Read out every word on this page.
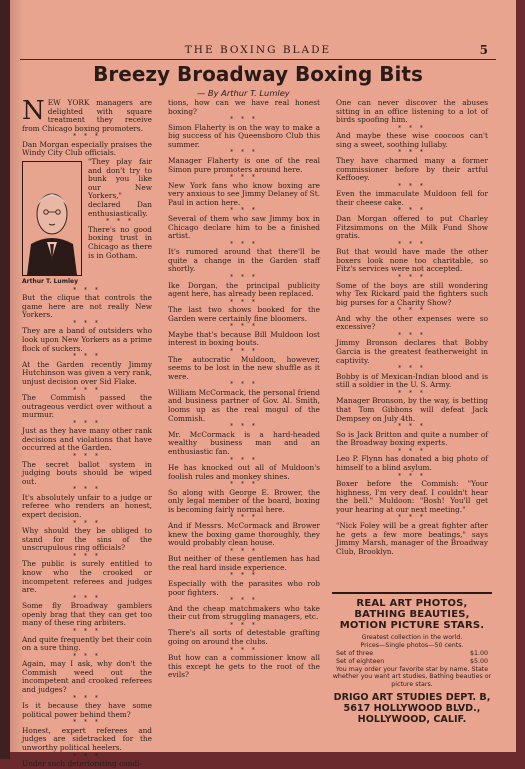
THE BOXING BLADE	5
Breezy Broadway Boxing Bits
— By Arthur T. Lumley

NEW YORK managers are delighted with square treatment they receive from Chicago boxing promoters.

* * *

Dan Morgan especially praises the Windy City Club officials.

"They play fair and don't try to bunk you like our New Yorkers," declared Dan enthusiastically.

* * *

There's no good boxing trust in Chicago as there is in Gotham.

Arthur T. Lumley
* * *

But the clique that controls the game here are not really New Yorkers.

* * *

They are a band of outsiders who look upon New Yorkers as a prime flock of suckers.

* * *

At the Garden recently Jimmy Hutchinson was given a very rank, unjust decision over Sid Flake.

* * *

The Commish passed the outrageous verdict over without a murmur.

* * *

Just as they have many other rank decisions and violations that have occurred at the Garden.

* * *

The secret ballot system in judging bouts should be wiped out.

* * *

It's absolutely unfair to a judge or referee who renders an honest, expert decision.

* * *

Why should they be obliged to stand for the sins of the unscrupulous ring officials?

* * *

The public is surely entitled to know who the crooked or incompetent referees and judges are.

* * *

Some fly Broadway gamblers openly brag that they can get too many of these ring arbiters.

* * *

And quite frequently bet their coin on a sure thing.

* * *

Again, may I ask, why don't the Commish weed out the incompetent and crooked referees and judges?

* * *

Is it because they have some political power behind them?

* * *

Honest, expert referees and judges are sidetracked for the unworthy political heelers.

* * *

Under such deteriorating condi-

tions, how can we have real honest boxing?

* * *

Simon Flaherty is on the way to make a big success of his Queensboro Club this summer.

* * *

Manager Flaherty is one of the real Simon pure promoters around here.

* * *

New York fans who know boxing are very anxious to see Jimmy Delaney of St. Paul in action here.

* * *

Several of them who saw Jimmy box in Chicago declare him to be a finished artist.

* * *

It's rumored around that there'll be quite a change in the Garden staff shortly.

* * *

Ike Dorgan, the principal publicity agent here, has already been replaced.

* * *

The last two shows booked for the Garden were certainly fine bloomers.

* * *

Maybe that's because Bill Muldoon lost interest in boxing bouts.

* * *

The autocratic Muldoon, however, seems to be lost in the new shuffle as it were.

* * *

William McCormack, the personal friend and business partner of Gov. Al. Smith, looms up as the real mogul of the Commish.

* * *

Mr. McCormack is a hard-headed wealthy business man and an enthusiastic fan.

* * *

He has knocked out all of Muldoon's foolish rules and monkey shines.

* * *

So along with George E. Brower, the only legal member of the board, boxing is becoming fairly normal here.

* * *

And if Messrs. McCormack and Brower knew the boxing game thoroughly, they would probably clean house.

* * *

But neither of these gentlemen has had the real hard inside experience.

* * *

Especially with the parasites who rob poor fighters.

* * *

And the cheap matchmakers who take their cut from struggling managers, etc.

* * *

There's all sorts of detestable grafting going on around the clubs.

* * *

But how can a commissioner know all this except he gets to the root of the evils?

One can never discover the abuses sitting in an office listening to a lot of birds spoofing him.

* * *

And maybe these wise coocoos can't sing a sweet, soothing lullaby.

* * *

They have charmed many a former commissioner before by their artful Keffooey.

* * *

Even the immaculate Muldoon fell for their cheese cake.

* * *

Dan Morgan offered to put Charley Fitzsimmons on the Milk Fund Show gratis.

* * *

But that would have made the other boxers look none too charitable, so Fitz's services were not accepted.

* * *

Some of the boys are still wondering why Tex Rickard paid the fighters such big purses for a Charity Show?

* * *

And why the other expenses were so excessive?

* * *

Jimmy Bronson declares that Bobby Garcia is the greatest featherweight in captivity.

* * *

Bobby is of Mexican-Indian blood and is still a soldier in the U. S. Army.

* * *

Manager Bronson, by the way, is betting that Tom Gibbons will defeat Jack Dempsey on July 4th.

* * *

So is Jack Britton and quite a number of the Broadway boxing experts.

* * *

Leo P. Flynn has donated a big photo of himself to a blind asylum.

* * *

Boxer before the Commish: "Your highness, I'm very deaf. I couldn't hear the bell." Muldoon: "Bosh! You'll get your hearing at our next meeting."

* * *

"Nick Foley will be a great fighter after he gets a few more beatings," says Jimmy Marsh, manager of the Broadway Club, Brooklyn.

REAL ART PHOTOS, BATHING BEAUTIES, MOTION PICTURE STARS.
Greatest collection in the world.
Prices—Single photos—50 cents.
Set of three	$1.00
Set of eighteen	$5.00
You may order your favorite star by name. State whether you want art studies, Bathing beauties or picture stars.
DRIGO ART STUDIES DEPT. B, 5617 HOLLYWOOD BLVD., HOLLYWOOD, CALIF.
